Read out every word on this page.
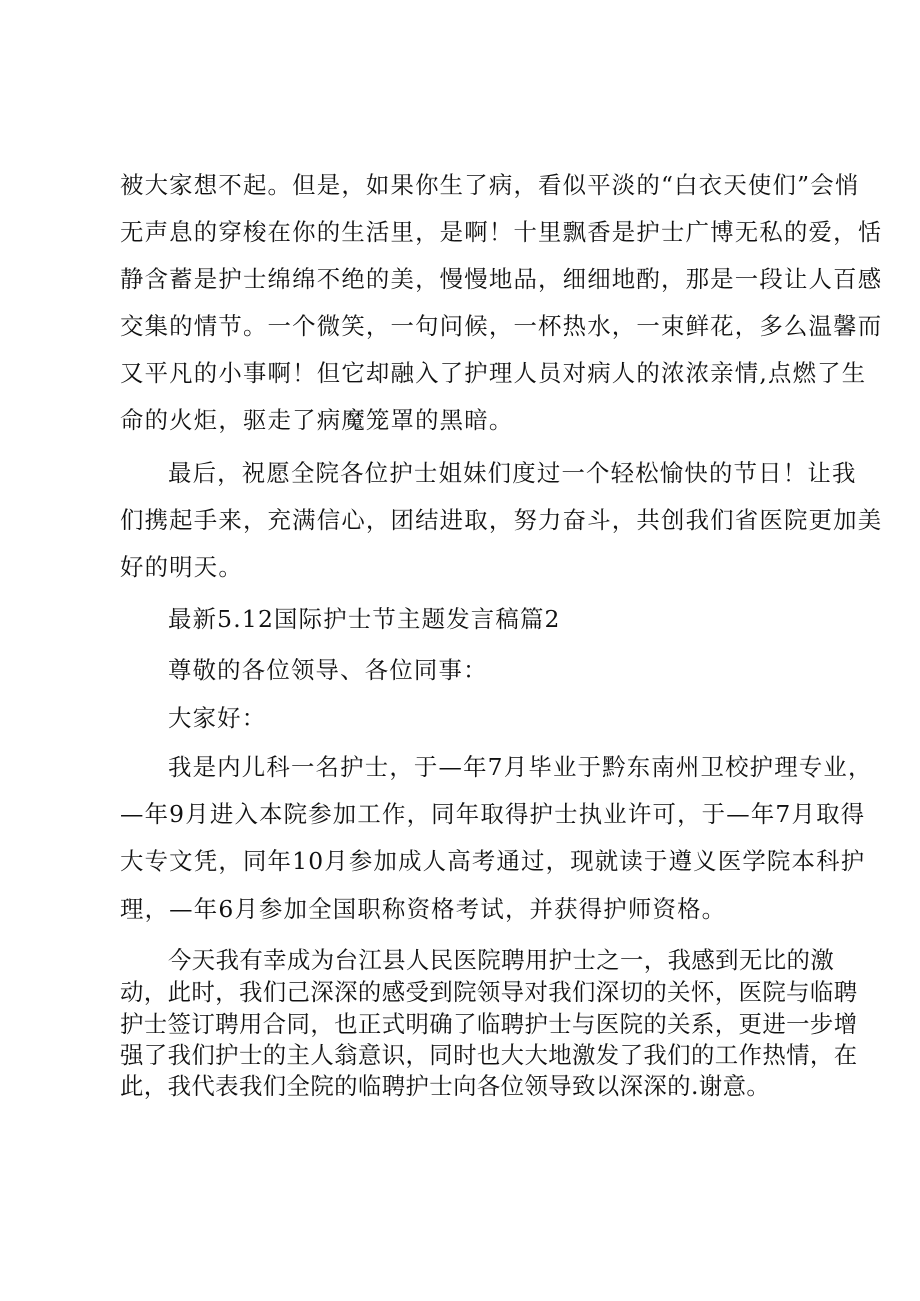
被大家想不起。但是，如果你生了病，看似平淡的“白衣天使们”会悄
无声息的穿梭在你的生活里，是啊！十里飘香是护士广博无私的爱，恬
静含蓄是护士绵绵不绝的美，慢慢地品，细细地酌，那是一段让人百感
交集的情节。一个微笑，一句问候，一杯热水，一束鲜花，多么温馨而
又平凡的小事啊！但它却融入了护理人员对病人的浓浓亲情,点燃了生
命的火炬，驱走了病魔笼罩的黑暗。
最后，祝愿全院各位护士姐妹们度过一个轻松愉快的节日！让我
们携起手来，充满信心，团结进取，努力奋斗，共创我们省医院更加美
好的明天。
最新5.12国际护士节主题发言稿篇2
尊敬的各位领导、各位同事：
大家好：
我是内儿科一名护士，于—年7月毕业于黔东南州卫校护理专业，
—年9月进入本院参加工作，同年取得护士执业许可，于—年7月取得
大专文凭，同年10月参加成人高考通过，现就读于遵义医学院本科护
理，—年6月参加全国职称资格考试，并获得护师资格。
今天我有幸成为台江县人民医院聘用护士之一，我感到无比的激
动，此时，我们己深深的感受到院领导对我们深切的关怀，医院与临聘
护士签订聘用合同，也正式明确了临聘护士与医院的关系，更进一步增
强了我们护士的主人翁意识，同时也大大地激发了我们的工作热情，在
此，我代表我们全院的临聘护士向各位领导致以深深的.谢意。
